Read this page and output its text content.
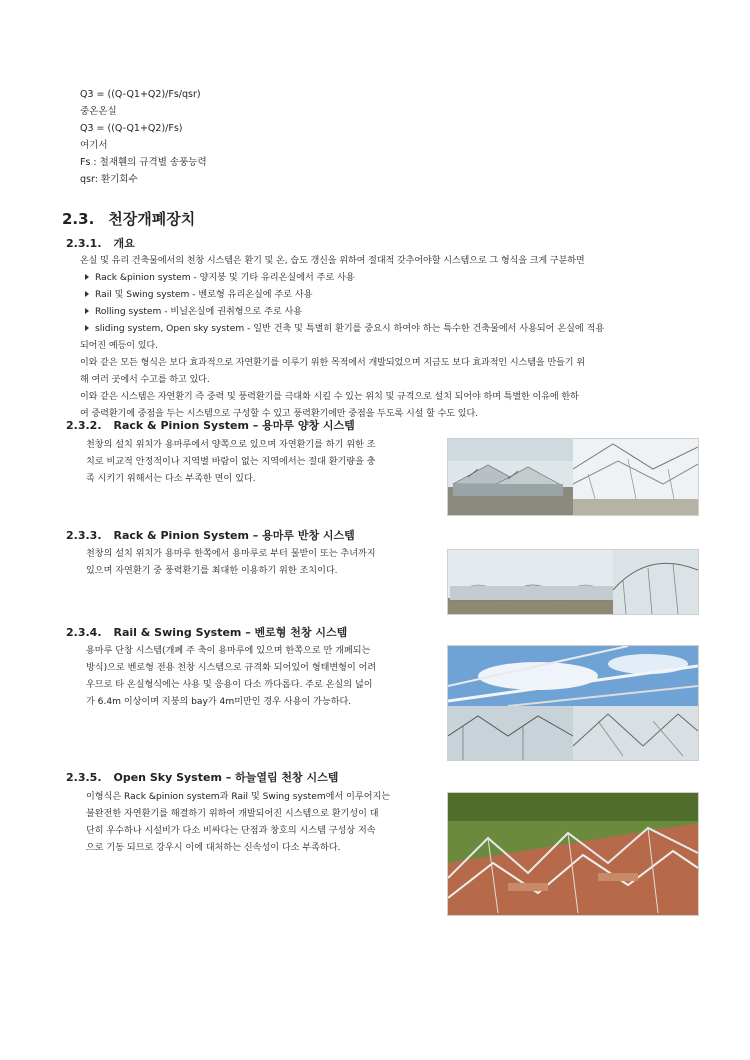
Q3 = ((Q-Q1+Q2)/Fs/qsr)
중온온실
Q3 = ((Q-Q1+Q2)/Fs)
여기서
Fs : 철재휀의 규격별 송풍능력
qsr: 환기회수
2.3. 천장개폐장치
2.3.1. 개요
온실 및 유리 건축물에서의 천창 시스템은 환기 및 온, 습도 갱신을 위하여 절대적 갖추어야할 시스템으로 그 형식을 크게 구분하면
Rack &pinion system - 양지붕 및 기타 유리온실에서 주로 사용
Rail 및 Swing system - 벤로형 유리온실에 주로 사용
Rolling system - 비닐온실에 권취형으로 주로 사용
sliding system, Open sky system - 일반 건축 및 특별히 환기를 중요시 하여야 하는 특수한 건축물에서 사용되어 온실에 적용
되어진 예등이 있다.
이와 같은 모든 형식은 보다 효과적으로 자연환기를 이루기 위한 목적에서 개발되었으며 지금도 보다 효과적인 시스템을 만들기 위
해 여러 곳에서 수고를 하고 있다.
이와 같은 시스템은 자연환기 즉 중력 및 풍력환기를 극대화 시킬 수 있는 위치 및 규격으로 설치 되어야 하며 특별한 이유에 한하
여 중력환기에 중점을 두는 시스템으로 구성할 수 있고 풍력환기에만 중점을 두도록 시설 할 수도 있다.
2.3.2. Rack & Pinion System – 용마루 양창 시스템
천창의 설치 위치가 용마루에서 양쪽으로 있으며 자연환기를 하기 위한 조
치로 비교적 안정적이나 지역별 바람이 없는 지역에서는 절대 환기량을 충
족 시키기 위해서는 다소 부족한 면이 있다.
2.3.3. Rack & Pinion System – 용마루 반창 시스템
천창의 설치 위치가 용마루 한쪽에서 용마루로 부터 물받이 또는 추녀까지
있으며 자연환기 중 풍력환기를 최대한 이용하기 위한 조치이다.
2.3.4. Rail & Swing System – 벤로형 천창 시스템
용마루 단창 시스템(개폐 주 축이 용마루에 있으며 한쪽으로 만 개폐되는
방식)으로 벤로형 전용 천창 시스템으로 규격화 되어있어 형태변형이 어려
우므로 타 온실형식에는 사용 및 응용이 다소 까다롭다. 주로 온실의 넓이
가 6.4m 이상이며 지붕의 bay가 4m미만인 경우 사용이 가능하다.
2.3.5. Open Sky System – 하늘열림 천창 시스템
이형식은 Rack &pinion system과 Rail 및 Swing system에서 이루어지는
불완전한 자연환기를 해결하기 위하여 개발되어진 시스템으로 환기성이 대
단히 우수하나 시설비가 다소 비싸다는 단점과 창호의 시스템 구성상 저속
으로 기동 되므로 강우시 이에 대처하는 신속성이 다소 부족하다.
